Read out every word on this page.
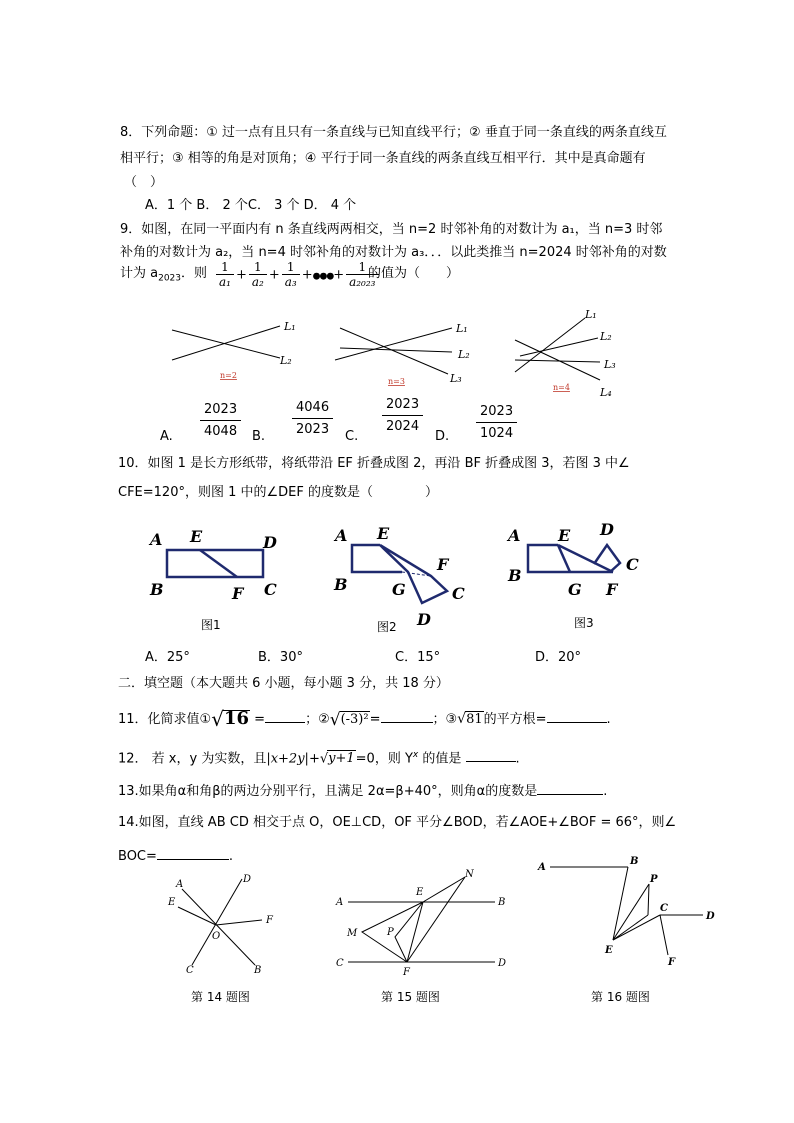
8．下列命题：① 过一点有且只有一条直线与已知直线平行；② 垂直于同一条直线的两条直线互
相平行；③ 相等的角是对顶角；④ 平行于同一条直线的两条直线互相平行．其中是真命题有
（　）
A．1 个 B． 2 个C． 3 个 D． 4 个
9．如图，在同一平面内有 n 条直线两两相交，当 n=2 时邻补角的对数计为 a₁，当 n=3 时邻
补角的对数计为 a₂，当 n=4 时邻补角的对数计为 a₃．．．以此类推当 n=2024 时邻补角的对数
计为 $a_{2023}$．则 $\frac{1}{\text{a₁}} + \frac{1}{\text{a₂}} + \frac{1}{\text{a₃}}$ +●●●+ $\frac{1}{\text{a₂₀₂₃}}$
的值为（　　）
L₁
L₂
n=2
L₁
L₂
L₃
n=3
L₁
L₂
L₃
L₄
n=4
A. $\frac{2023}{4048} B$. $\frac{4046}{2023} C$.
$\frac{2023}{2024}$
D. $\frac{2023}{1024}$
10．如图 1 是长方形纸带，将纸带沿 EF 折叠成图 2，再沿 BF 折叠成图 3，若图 3 中∠
CFE=120°，则图 1 中的∠DEF 的度数是（　　　　）
A E	D
B	F C
A E
F
B	G	C
D
A E D
C
B
G F
图1	图2	图3
A．25°	B．30°	C．15°	D．20°
二．填空题（本大题共 6 小题，每小题 3 分，共 18 分）
11．化简求值①√16 =	；②√(-3)²=	；③√81的平方根=	.
12． 若 x，y 为实数，且|x+2y|+√y+1=0，则 $Y^x$ 的值是	.
13.如果角α和角β的两边分别平行，且满足 2α=β+40°，则角α的度数是	.
14.如图，直线 AB CD 相交于点 O，OE⊥CD，OF 平分∠BOD，若∠AOE+∠BOF = 66°，则∠
BOC=	.
A
E
D
F
O
C	B
A	B
C	D
E
F
M
N
P
A
B
P
C
D
E
F
第 14 题图	第 15 题图	第 16 题图
